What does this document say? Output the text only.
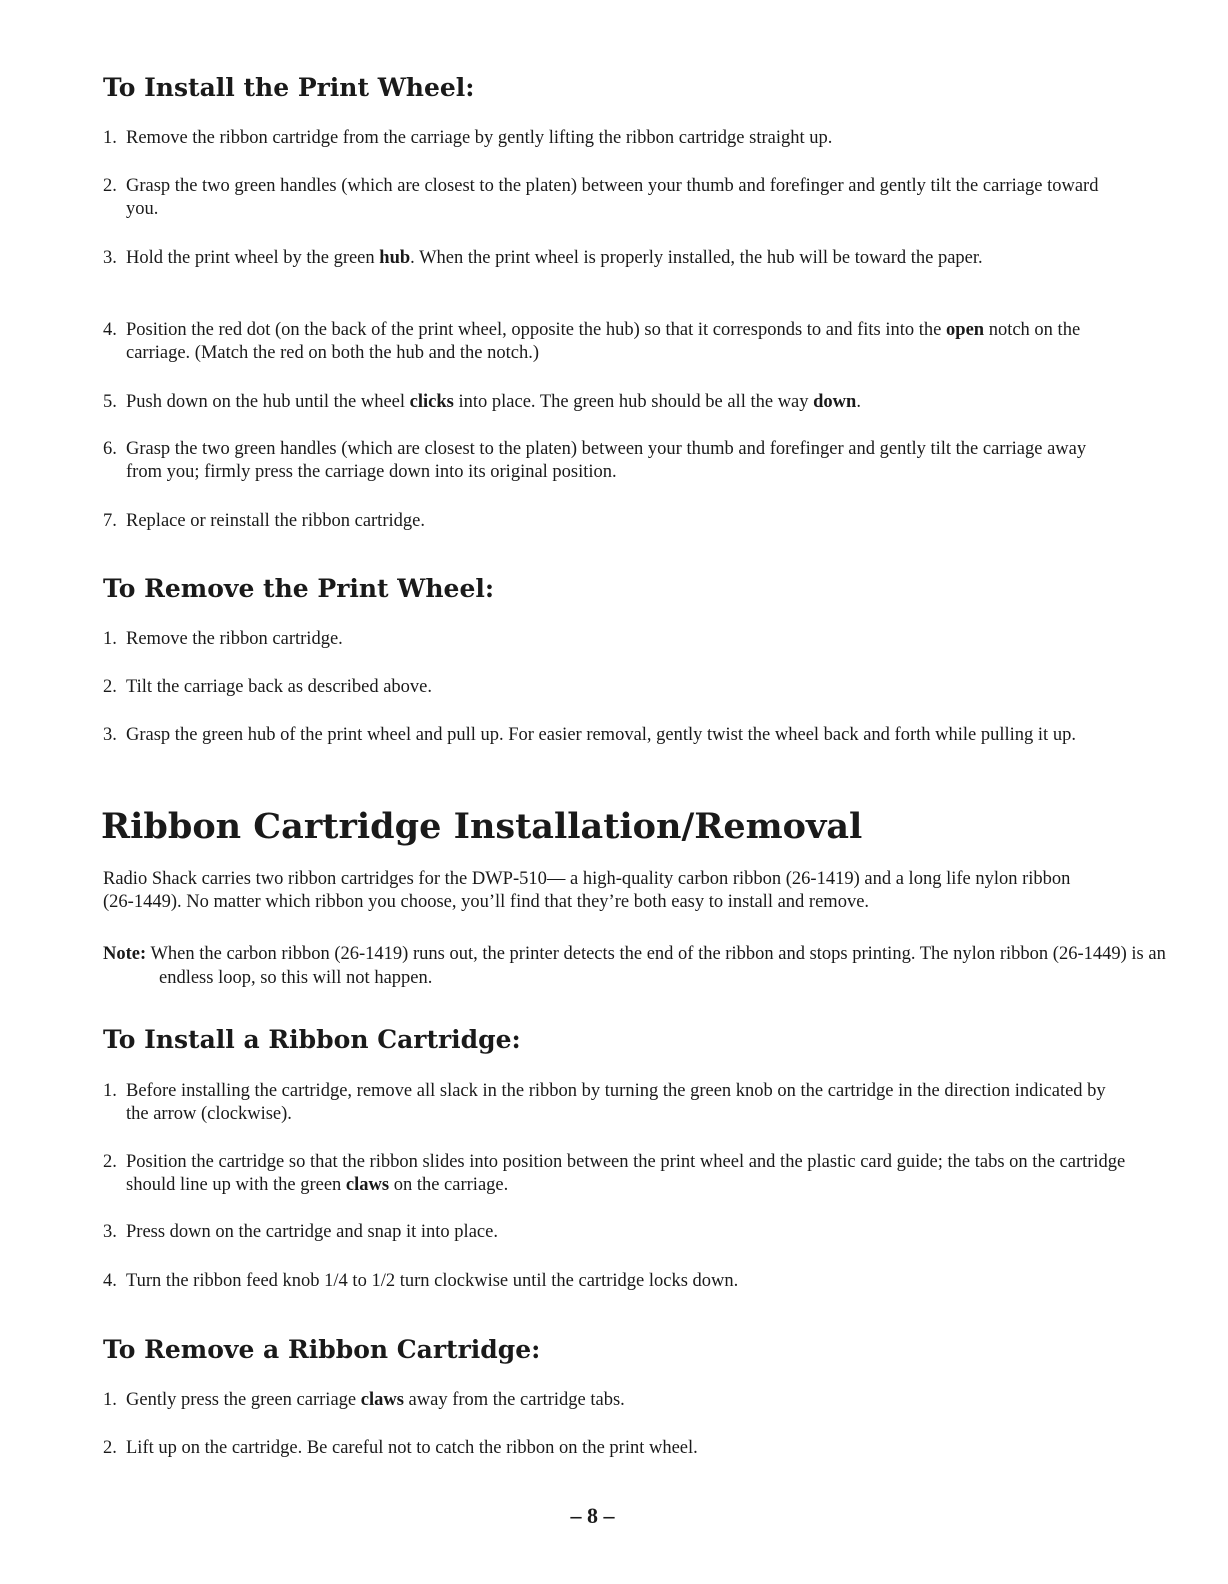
To Install the Print Wheel:

1. Remove the ribbon cartridge from the carriage by gently lifting the ribbon cartridge straight up.

2. Grasp the two green handles (which are closest to the platen) between your thumb and forefinger and gently tilt the carriage toward you.

3. Hold the print wheel by the green hub. When the print wheel is properly installed, the hub will be toward the paper.

4. Position the red dot (on the back of the print wheel, opposite the hub) so that it corresponds to and fits into the open notch on the carriage. (Match the red on both the hub and the notch.)

5. Push down on the hub until the wheel clicks into place. The green hub should be all the way down.

6. Grasp the two green handles (which are closest to the platen) between your thumb and forefinger and gently tilt the carriage away from you; firmly press the carriage down into its original position.

7. Replace or reinstall the ribbon cartridge.

To Remove the Print Wheel:

1. Remove the ribbon cartridge.

2. Tilt the carriage back as described above.

3. Grasp the green hub of the print wheel and pull up. For easier removal, gently twist the wheel back and forth while pulling it up.

Ribbon Cartridge Installation/Removal

Radio Shack carries two ribbon cartridges for the DWP-510— a high-quality carbon ribbon (26-1419) and a long life nylon ribbon (26-1449). No matter which ribbon you choose, you’ll find that they’re both easy to install and remove.

Note: When the carbon ribbon (26-1419) runs out, the printer detects the end of the ribbon and stops printing. The nylon ribbon (26-1449) is an endless loop, so this will not happen.

To Install a Ribbon Cartridge:

1. Before installing the cartridge, remove all slack in the ribbon by turning the green knob on the cartridge in the direction indicated by the arrow (clockwise).

2. Position the cartridge so that the ribbon slides into position between the print wheel and the plastic card guide; the tabs on the cartridge should line up with the green claws on the carriage.

3. Press down on the cartridge and snap it into place.

4. Turn the ribbon feed knob 1/4 to 1/2 turn clockwise until the cartridge locks down.

To Remove a Ribbon Cartridge:

1. Gently press the green carriage claws away from the cartridge tabs.

2. Lift up on the cartridge. Be careful not to catch the ribbon on the print wheel.

– 8 –
